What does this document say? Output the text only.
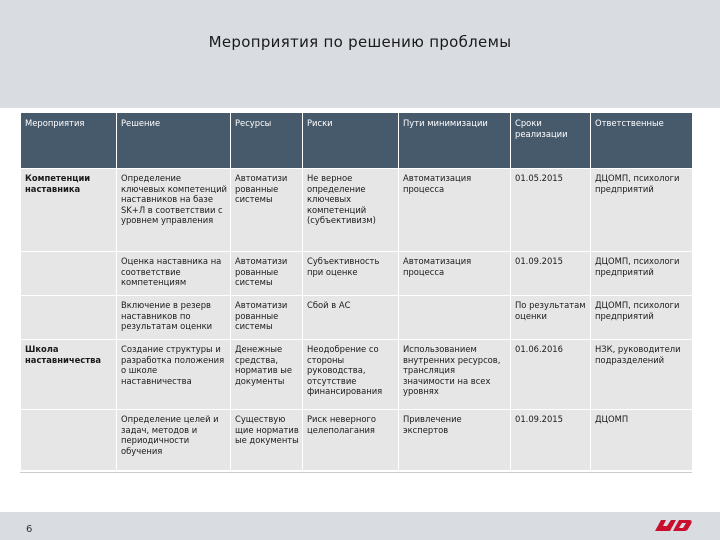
Мероприятия по решению проблемы
Мероприятия	Решение	Ресурсы	Риски	Пути минимизации	Сроки реализации	Ответственные
Компетенции наставника	Определение ключевых компетенций наставников на базе SK+Л в соответствии с уровнем управления	Автоматизи рованные системы	Не верное определение ключевых компетенций (субъективизм)	Автоматизация процесса	01.05.2015	ДЦОМП, психологи предприятий
	Оценка наставника на соответствие компетенциям	Автоматизи рованные системы	Субъективность при оценке	Автоматизация процесса	01.09.2015	ДЦОМП, психологи предприятий
	Включение в резерв наставников по результатам оценки	Автоматизи рованные системы	Сбой в АС		По результатам оценки	ДЦОМП, психологи предприятий
Школа наставничества	Создание структуры и разработка положения о школе наставничества	Денежные средства, норматив ые документы	Неодобрение со стороны руководства, отсутствие финансирования	Использованием внутренних ресурсов, трансляция значимости на всех уровнях	01.06.2016	НЗК, руководители подразделений
	Определение целей и задач, методов и периодичности обучения	Существую щие норматив ые документы	Риск неверного целеполагания	Привлечение экспертов	01.09.2015	ДЦОМП
6
